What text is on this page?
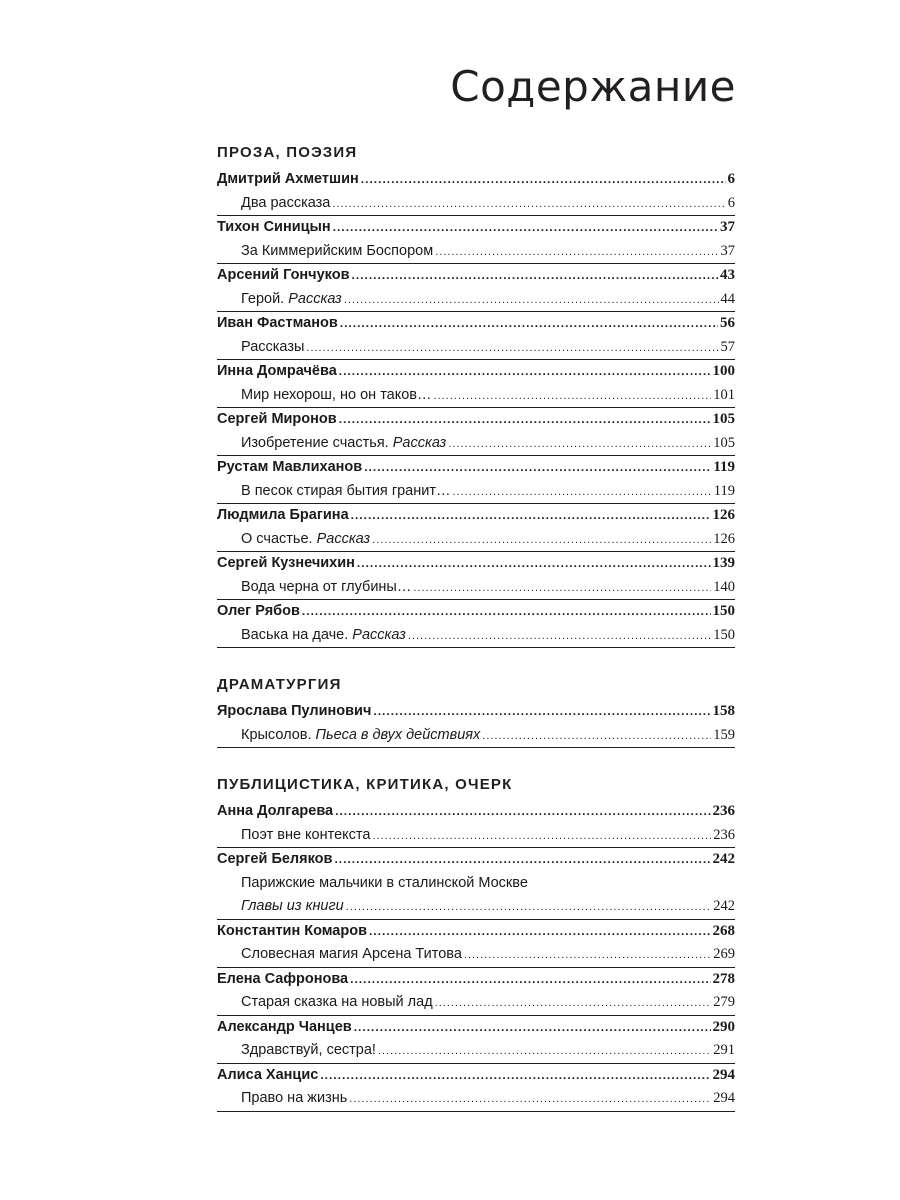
Содержание
ПРОЗА, ПОЭЗИЯ
Дмитрий Ахметшин .....	6
Два рассказа .....	6
Тихон Синицын .....	37
За Киммерийским Боспором .....	37
Арсений Гончуков .....	43
Герой. Рассказ .....	44
Иван Фастманов .....	56
Рассказы .....	57
Инна Домрачёва .....	100
Мир нехорош, но он таков… .....	101
Сергей Миронов .....	105
Изобретение счастья. Рассказ .....	105
Рустам Мавлиханов .....	119
В песок стирая бытия гранит… .....	119
Людмила Брагина .....	126
О счастье. Рассказ .....	126
Сергей Кузнечихин .....	139
Вода черна от глубины… .....	140
Олег Рябов .....	150
Васька на даче. Рассказ .....	150
ДРАМАТУРГИЯ
Ярослава Пулинович .....	158
Крысолов. Пьеса в двух действиях .....	159
ПУБЛИЦИСТИКА, КРИТИКА, ОЧЕРК
Анна Долгарева .....	236
Поэт вне контекста .....	236
Сергей Беляков .....	242
Парижские мальчики в сталинской Москве
Главы из книги .....	242
Константин Комаров .....	268
Словесная магия Арсена Титова .....	269
Елена Сафронова .....	278
Старая сказка на новый лад .....	279
Александр Чанцев .....	290
Здравствуй, сестра! .....	291
Алиса Ханцис .....	294
Право на жизнь .....	294
